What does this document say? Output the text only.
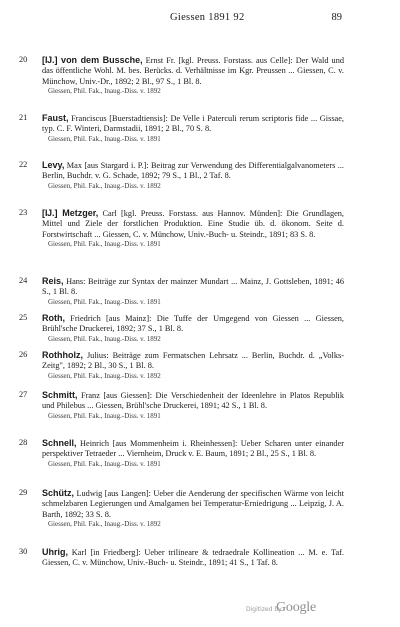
Giessen 1891 92	89
20 [Ĳ.] von dem Bussche, Ernst Fr. [kgl. Preuss. Forstass. aus Celle]: Der Wald und das öffentliche Wohl. M. bes. Berücks. d. Verhältnisse im Kgr. Preussen ... Giessen, C. v. Münchow, Univ.-Dr., 1892; 2 Bl., 97 S., 1 Bl. 8.
Giessen, Phil. Fak., Inaug.-Diss. v. 1892
21 Faust, Franciscus [Buerstadtiensis]: De Velle i Paterculi rerum scriptoris fide ... Gissae, typ. C. F. Winteri, Darmstadii, 1891; 2 Bl., 70 S. 8.
Giessen, Phil. Fak., Inaug.-Diss. v. 1891
22 Levy, Max [aus Stargard i. P.]: Beitrag zur Verwendung des Differentialgalvanometers ... Berlin, Buchdr. v. G. Schade, 1892; 79 S., 1 Bl., 2 Taf. 8.
Giessen, Phil. Fak., Inaug.-Diss. v. 1892
23 [Ĳ.] Metzger, Carl [kgl. Preuss. Forstass. aus Hannov. Münden]: Die Grundlagen, Mittel und Ziele der forstlichen Produktion. Eine Studie üb. d. ökonom. Seite d. Forstwirtschaft ... Giessen, C. v. Münchow, Univ.-Buch- u. Steindr., 1891; 83 S. 8.
Giessen, Phil. Fak., Inaug.-Diss. v. 1891
24 Reis, Hans: Beiträge zur Syntax der mainzer Mundart ... Mainz, J. Gottsleben, 1891; 46 S., 1 Bl. 8.
Giessen, Phil. Fak., Inaug.-Diss. v. 1891
25 Roth, Friedrich [aus Mainz]: Die Tuffe der Umgegend von Giessen ... Giessen, Brühl'sche Druckerei, 1892; 37 S., 1 Bl. 8.
Giessen, Phil. Fak., Inaug.-Diss. v. 1892
26 Rothholz, Julius: Beiträge zum Fermatschen Lehrsatz ... Berlin, Buchdr. d. „Volks-Zeitg", 1892; 2 Bl., 30 S., 1 Bl. 8.
Giessen, Phil. Fak., Inaug.-Diss. v. 1892
27 Schmitt, Franz [aus Giessen]: Die Verschiedenheit der Ideenlehre in Platos Republik und Philebus ... Giessen, Brühl'sche Druckerei, 1891; 42 S., 1 Bl. 8.
Giessen, Phil. Fak., Inaug.-Diss. v. 1891
28 Schnell, Heinrich [aus Mommenheim i. Rheinhessen]: Ueber Scharen unter einander perspektiver Tetraeder ... Viernheim, Druck v. E. Baum, 1891; 2 Bl., 25 S., 1 Bl. 8.
Giessen, Phil. Fak., Inaug.-Diss. v. 1891
29 Schütz, Ludwig [aus Langen]: Ueber die Aenderung der specifischen Wärme von leicht schmelzbaren Legierungen und Amalgamen bei Temperatur-Erniedrigung ... Leipzig, J. A. Barth, 1892; 33 S. 8.
Giessen, Phil. Fak., Inaug.-Diss. v. 1892
30 Uhrig, Karl [in Friedberg]: Ueber trilineare & tedraedrale Kollineation ... M. e. Taf. Giessen, C. v. Münchow, Univ.-Buch- u. Steindr., 1891; 41 S., 1 Taf. 8.
Digitized by
Google
